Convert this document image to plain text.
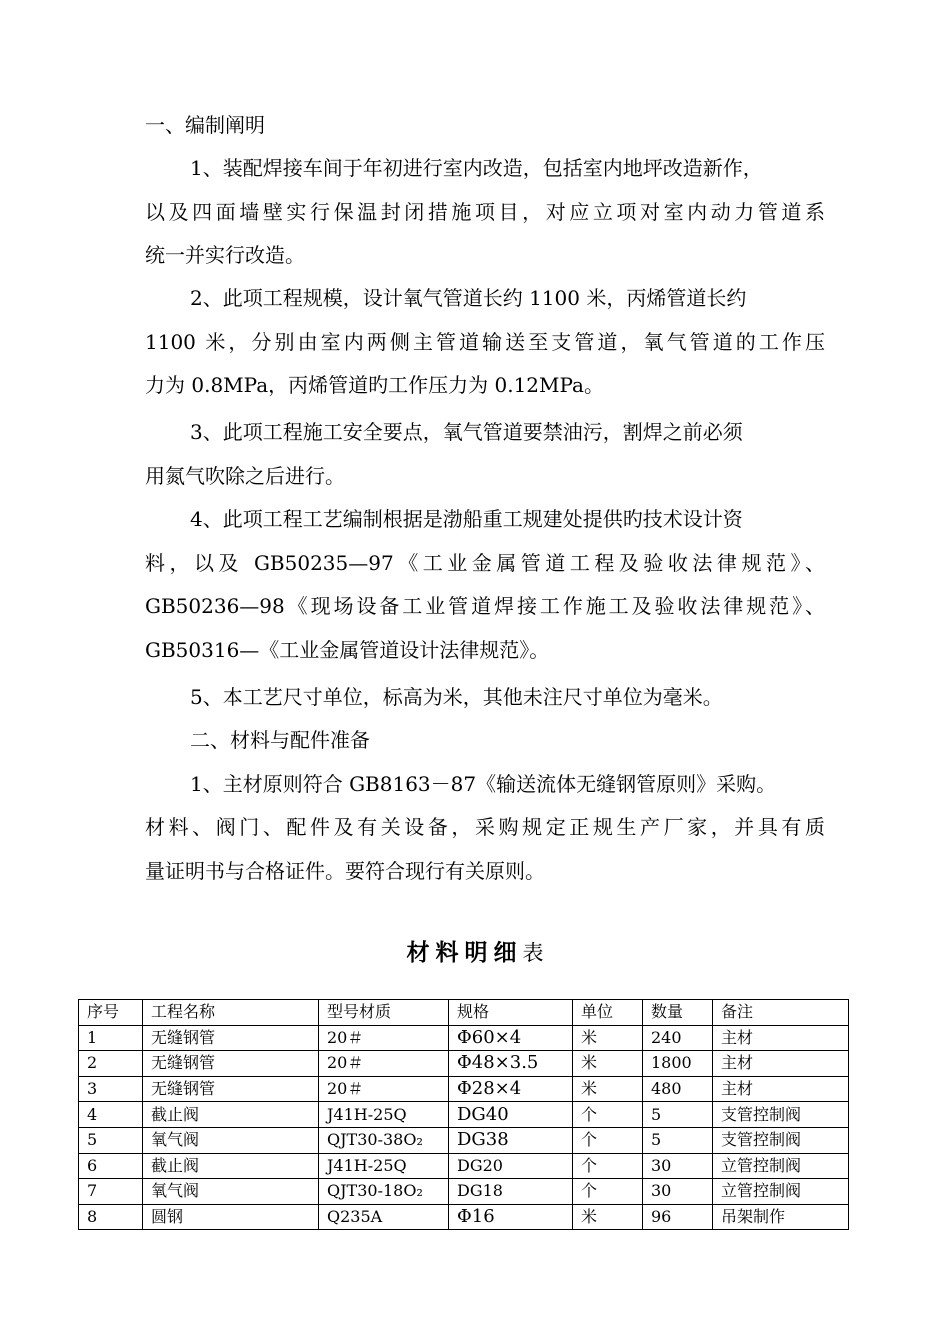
一、编制阐明
1、装配焊接车间于年初进行室内改造，包括室内地坪改造新作，
以及四面墙壁实行保温封闭措施项目，对应立项对室内动力管道系
统一并实行改造。
2、此项工程规模，设计氧气管道长约 1100 米，丙烯管道长约
1100 米，分别由室内两侧主管道输送至支管道，氧气管道的工作压
力为 0.8MPa，丙烯管道旳工作压力为 0.12MPa。
3、此项工程施工安全要点，氧气管道要禁油污，割焊之前必须
用氮气吹除之后进行。
4、此项工程工艺编制根据是渤船重工规建处提供旳技术设计资
料，以及 GB50235—97《工业金属管道工程及验收法律规范》、
GB50236—98《现场设备工业管道焊接工作施工及验收法律规范》、
GB50316—《工业金属管道设计法律规范》。
5、本工艺尺寸单位，标高为米，其他未注尺寸单位为毫米。
二、材料与配件准备
1、主材原则符合 GB8163－87《输送流体无缝钢管原则》采购。
材料、阀门、配件及有关设备，采购规定正规生产厂家，并具有质
量证明书与合格证件。要符合现行有关原则。
材料明细表
序号	工程名称	型号材质	规格	单位	数量	备注
1	无缝钢管	20＃	Φ60×4	米	240	主材
2	无缝钢管	20＃	Φ48×3.5	米	1800	主材
3	无缝钢管	20＃	Φ28×4	米	480	主材
4	截止阀	J41H-25Q	DG40	个	5	支管控制阀
5	氧气阀	QJT30-38O₂	DG38	个	5	支管控制阀
6	截止阀	J41H-25Q	DG20	个	30	立管控制阀
7	氧气阀	QJT30-18O₂	DG18	个	30	立管控制阀
8	圆钢	Q235A	Φ16	米	96	吊架制作
